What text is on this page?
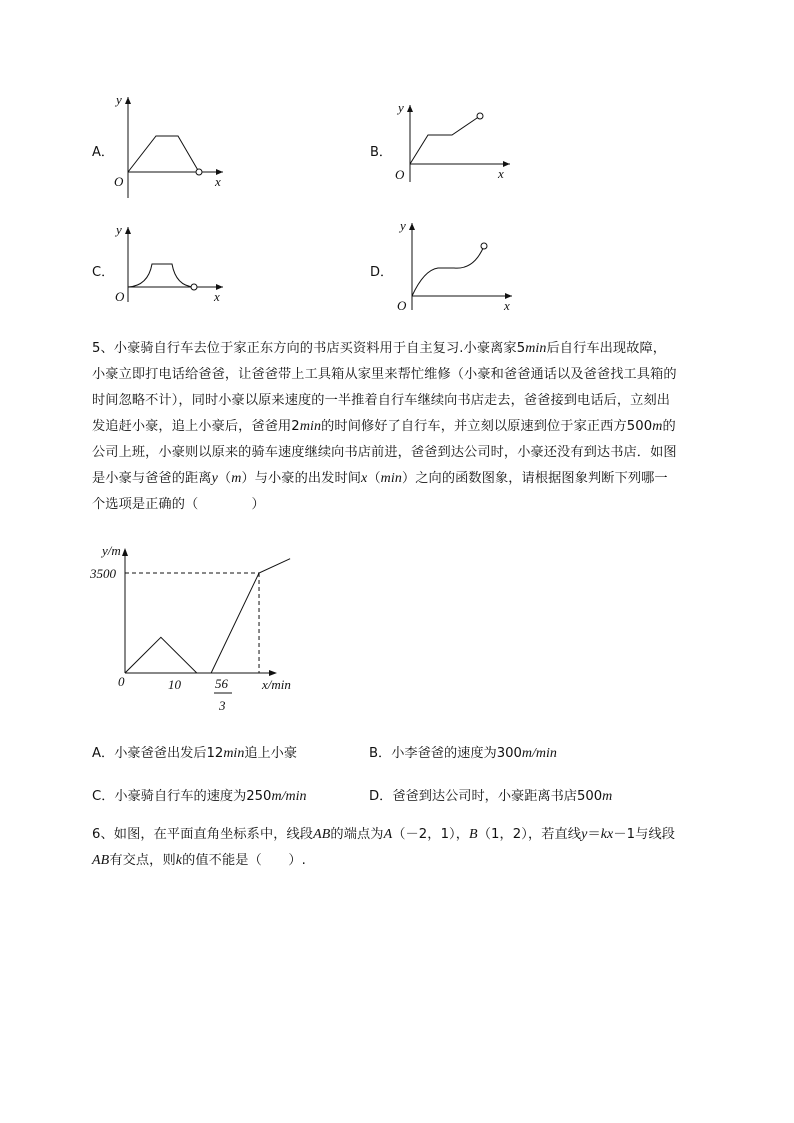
A．
y
x
O
B．
y
x
O
C．
y
x
O
D．
y
x
O
5、小豪骑自行车去位于家正东方向的书店买资料用于自主复习.小豪离家5min后自行车出现故障，
小豪立即打电话给爸爸，让爸爸带上工具箱从家里来帮忙维修（小豪和爸爸通话以及爸爸找工具箱的
时间忽略不计），同时小豪以原来速度的一半推着自行车继续向书店走去，爸爸接到电话后，立刻出
发追赶小豪，追上小豪后，爸爸用2min的时间修好了自行车，并立刻以原速到位于家正西方500m的
公司上班，小豪则以原来的骑车速度继续向书店前进，爸爸到达公司时，小豪还没有到达书店．如图
是小豪与爸爸的距离y（m）与小豪的出发时间x（min）之向的函数图象，请根据图象判断下列哪一
个选项是正确的（　　　　）
y/m
3500
0	10	56
3
x/min
A．小豪爸爸出发后12min追上小豪	B．小李爸爸的速度为300m/min
C．小豪骑自行车的速度为250m/min	D．爸爸到达公司时，小豪距离书店500m
6、如图，在平面直角坐标系中，线段AB的端点为A（－2，1），B（1，2），若直线y＝kx－1与线段
AB有交点，则k的值不能是（　　）.
